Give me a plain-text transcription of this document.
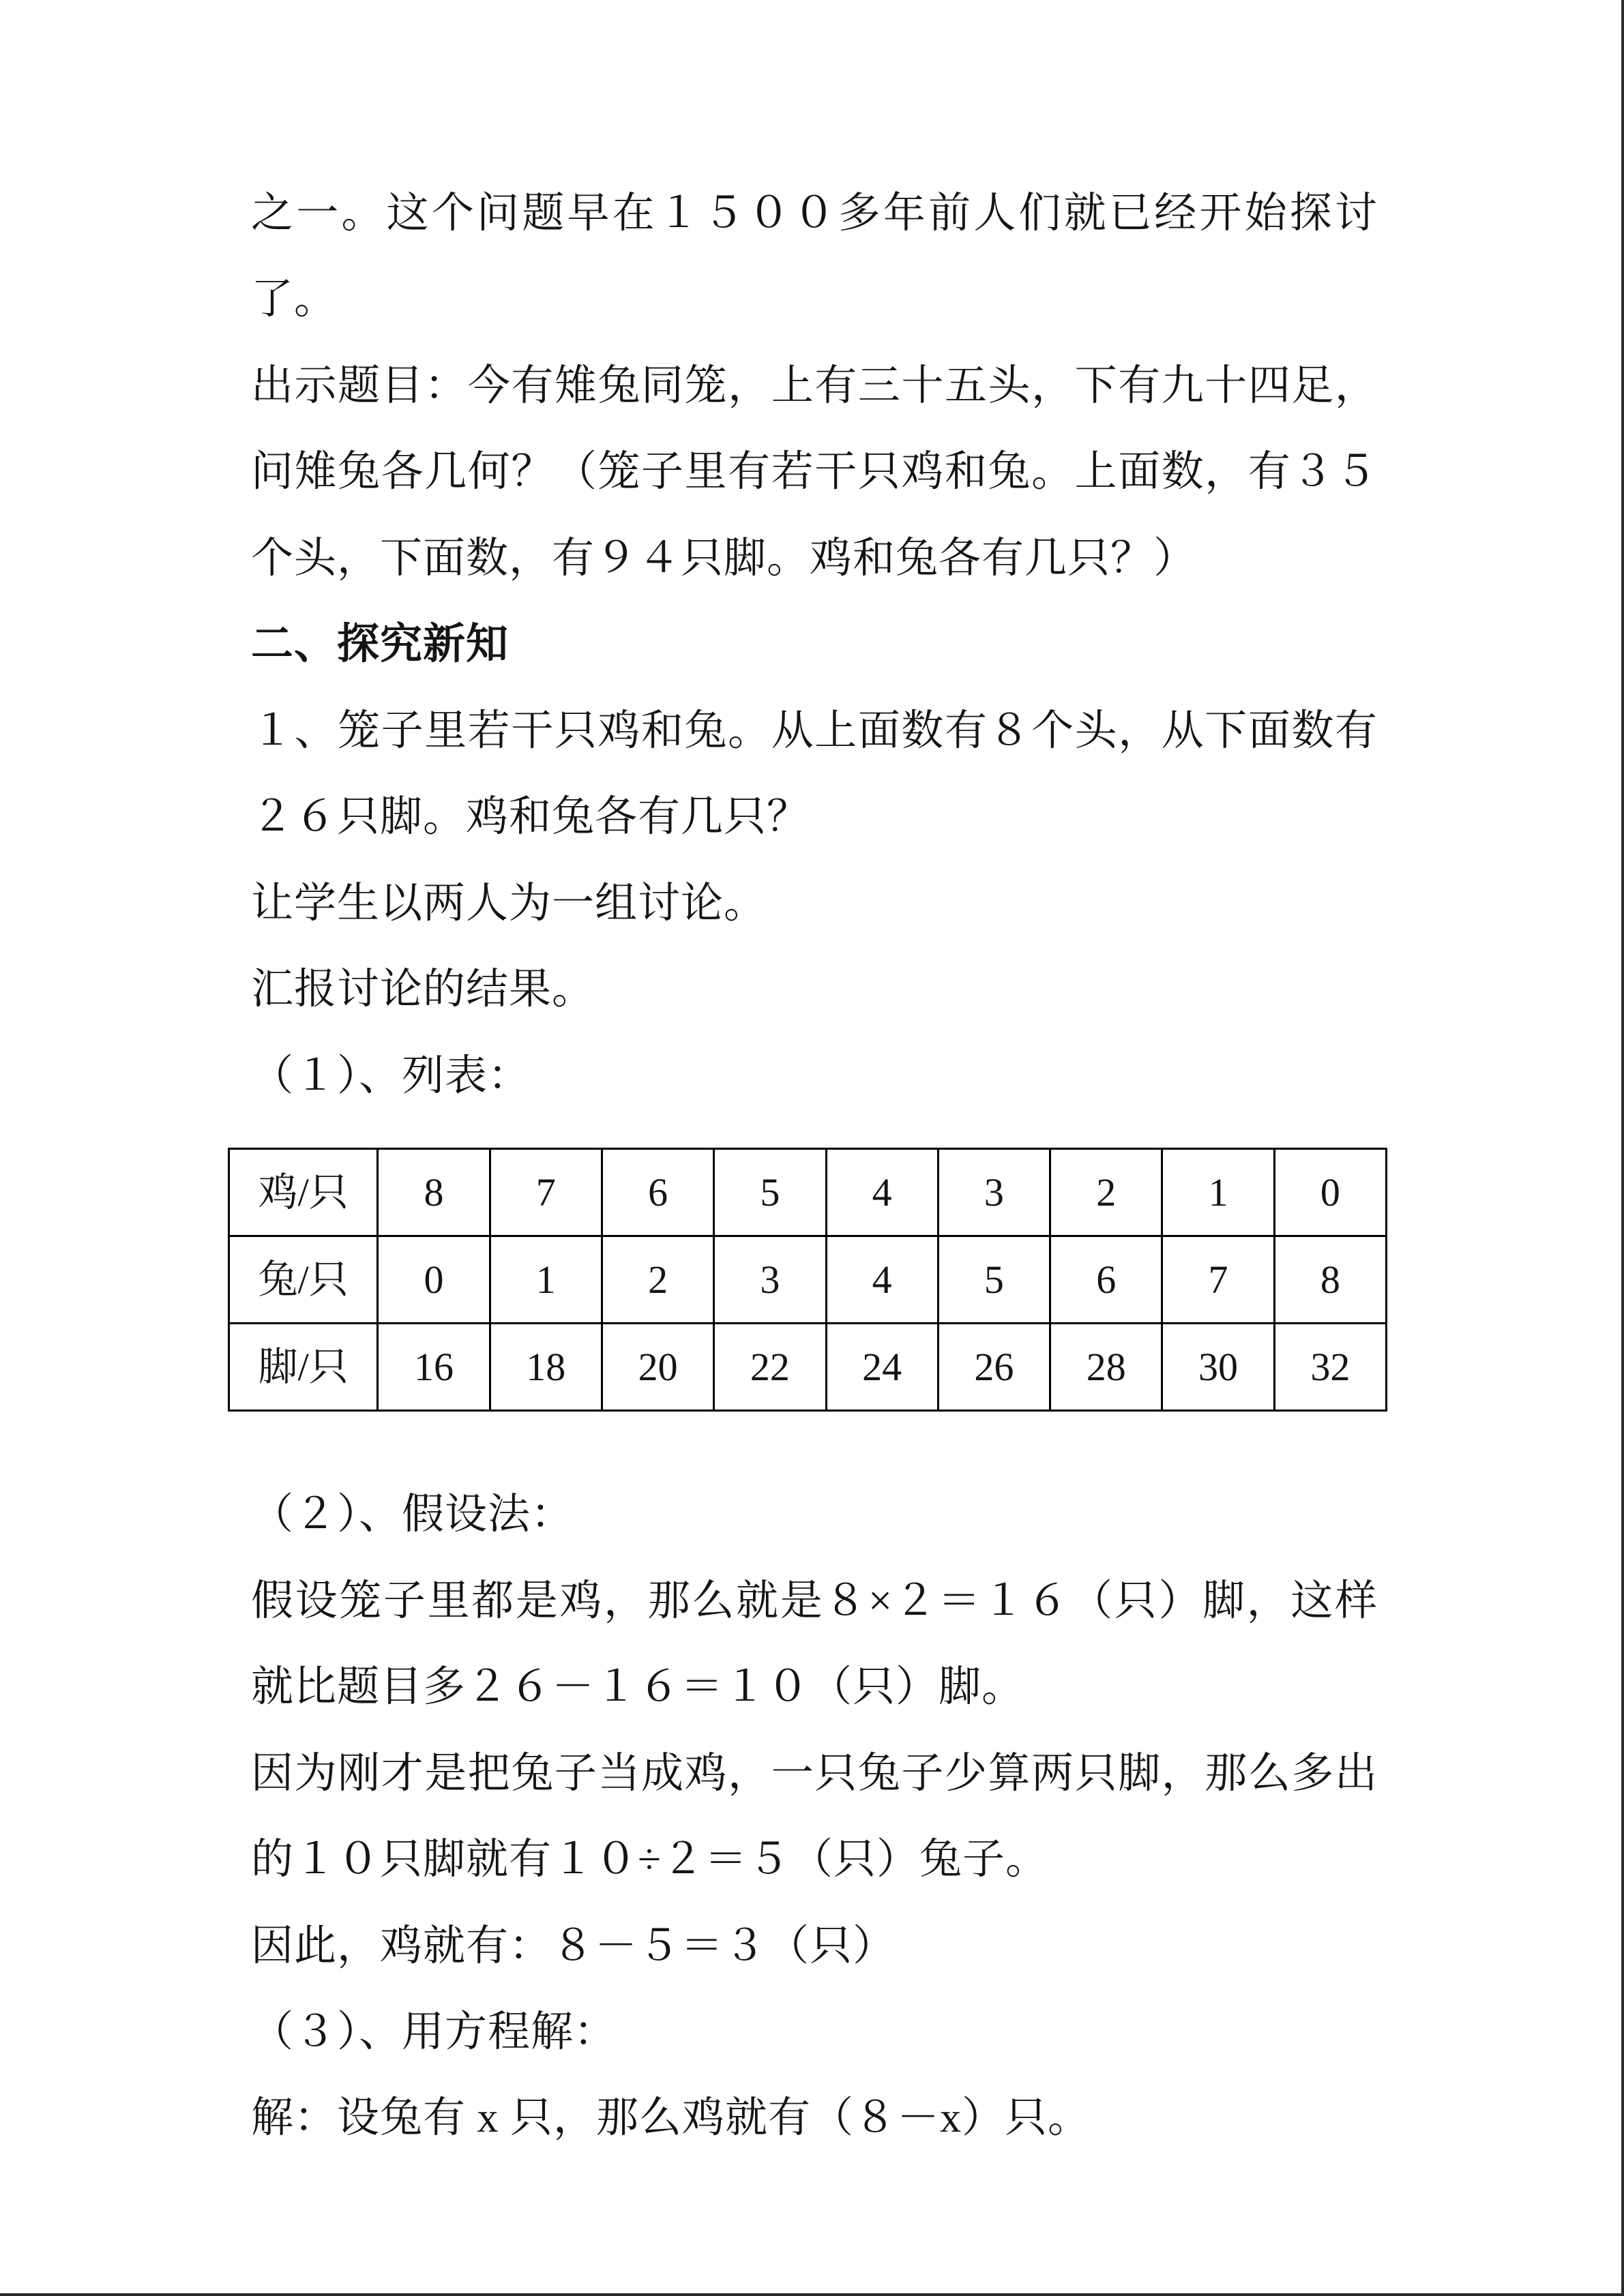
之一。这个问题早在１５００多年前人们就已经开始探讨了。

出示题目：今有雉兔同笼，上有三十五头，下有九十四足，问雉兔各几何？（笼子里有若干只鸡和兔。上面数，有３５个头，下面数，有９４只脚。鸡和兔各有几只？）

二、探究新知

１、笼子里若干只鸡和兔。从上面数有８个头，从下面数有２６只脚。鸡和兔各有几只？

让学生以两人为一组讨论。

汇报讨论的结果。

（１）、列表：

鸡/只	8	7	6	5	4	3	2	1	0
兔/只	0	1	2	3	4	5	6	7	8
脚/只	16	18	20	22	24	26	28	30	32

（２）、假设法：

假设笼子里都是鸡，那么就是８×２＝１６（只）脚，这样就比题目多２６－１６＝１０（只）脚。

因为刚才是把兔子当成鸡，一只兔子少算两只脚，那么多出的１０只脚就有１０÷２＝５（只）兔子。

因此，鸡就有：８－５＝３（只）

（３）、用方程解：

解：设兔有 x 只，那么鸡就有（８－x）只。
